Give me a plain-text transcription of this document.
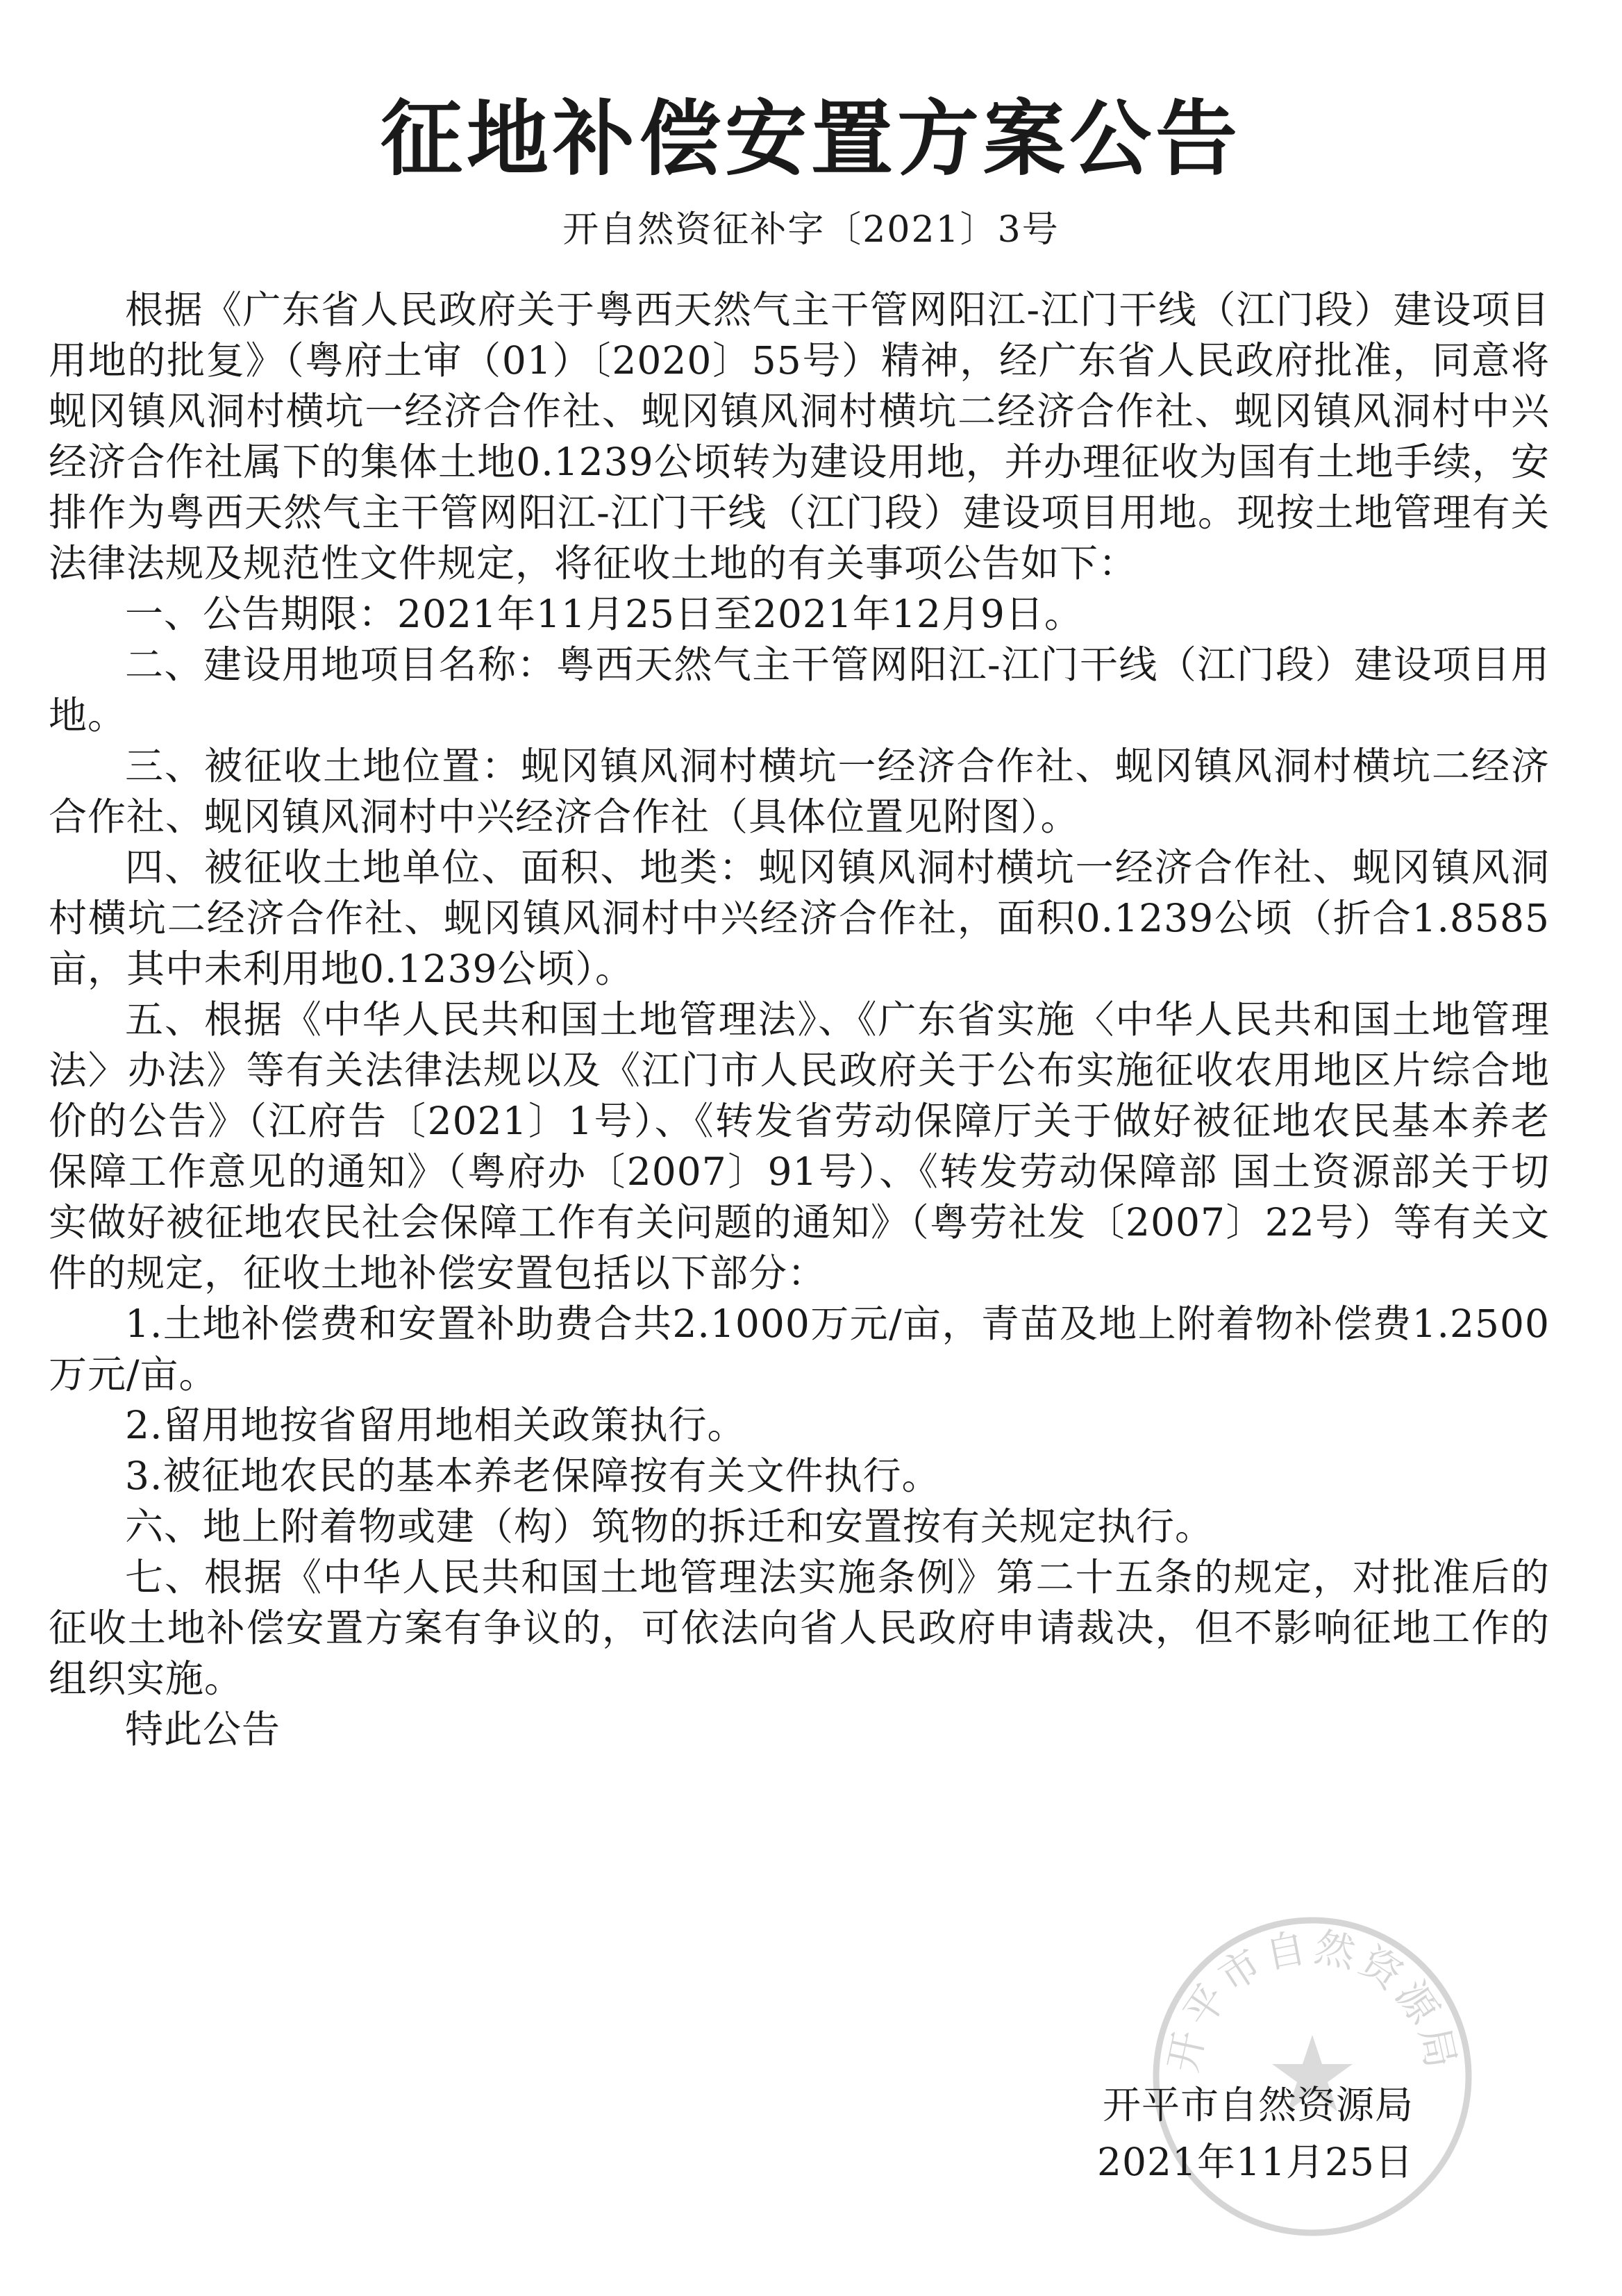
征地补偿安置方案公告
开自然资征补字〔2021〕3号

根据《广东省人民政府关于粤西天然气主干管网阳江-江门干线（江门段）建设项目用地的批复》（粤府土审（01）〔2020〕55号）精神，经广东省人民政府批准，同意将蚬冈镇风洞村横坑一经济合作社、蚬冈镇风洞村横坑二经济合作社、蚬冈镇风洞村中兴经济合作社属下的集体土地0.1239公顷转为建设用地，并办理征收为国有土地手续，安排作为粤西天然气主干管网阳江-江门干线（江门段）建设项目用地。现按土地管理有关法律法规及规范性文件规定，将征收土地的有关事项公告如下：

一、公告期限：2021年11月25日至2021年12月9日。

二、建设用地项目名称：粤西天然气主干管网阳江-江门干线（江门段）建设项目用地。

三、被征收土地位置：蚬冈镇风洞村横坑一经济合作社、蚬冈镇风洞村横坑二经济合作社、蚬冈镇风洞村中兴经济合作社（具体位置见附图）。

四、被征收土地单位、面积、地类：蚬冈镇风洞村横坑一经济合作社、蚬冈镇风洞村横坑二经济合作社、蚬冈镇风洞村中兴经济合作社，面积0.1239公顷（折合1.8585亩，其中未利用地0.1239公顷）。

五、根据《中华人民共和国土地管理法》、《广东省实施〈中华人民共和国土地管理法〉办法》等有关法律法规以及《江门市人民政府关于公布实施征收农用地区片综合地价的公告》（江府告〔2021〕1号）、《转发省劳动保障厅关于做好被征地农民基本养老保障工作意见的通知》（粤府办〔2007〕91号）、《转发劳动保障部 国土资源部关于切实做好被征地农民社会保障工作有关问题的通知》（粤劳社发〔2007〕22号）等有关文件的规定，征收土地补偿安置包括以下部分：

1.土地补偿费和安置补助费合共2.1000万元/亩，青苗及地上附着物补偿费1.2500万元/亩。

2.留用地按省留用地相关政策执行。

3.被征地农民的基本养老保障按有关文件执行。

六、地上附着物或建（构）筑物的拆迁和安置按有关规定执行。

七、根据《中华人民共和国土地管理法实施条例》第二十五条的规定，对批准后的征收土地补偿安置方案有争议的，可依法向省人民政府申请裁决，但不影响征地工作的组织实施。

特此公告

开平市自然资源局
开平市自然资源局
2021年11月25日
